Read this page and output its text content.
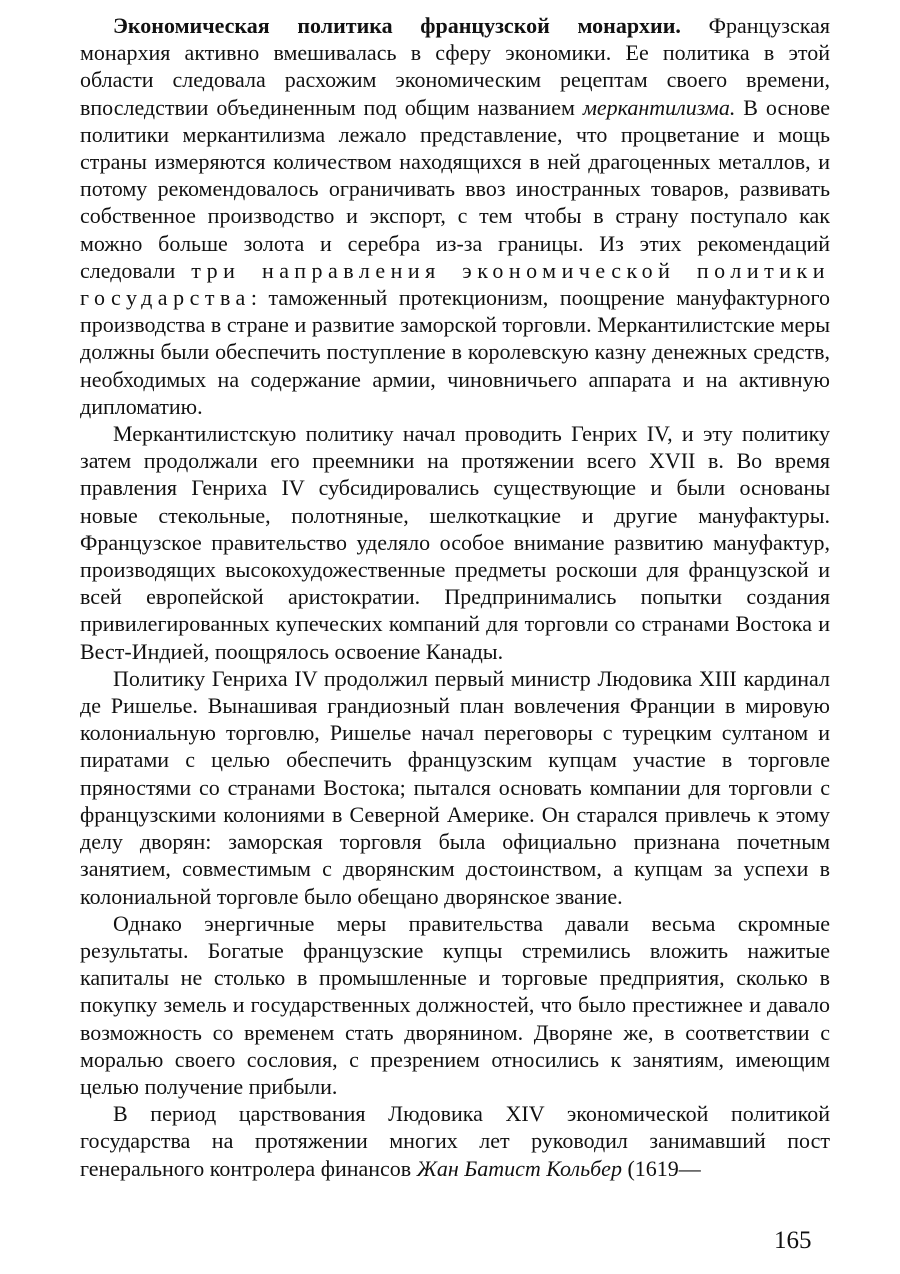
Экономическая политика французской монархии. Французская монархия активно вмешивалась в сферу экономики. Ее политика в этой области следовала расхожим экономическим рецептам своего времени, впоследствии объединенным под общим названием меркантилизма. В основе политики меркантилизма лежало представление, что процветание и мощь страны измеряются количеством находящихся в ней драгоценных металлов, и потому рекомендовалось ограничивать ввоз иностранных товаров, развивать собственное производство и экспорт, с тем чтобы в страну поступало как можно больше золота и серебра из-за границы. Из этих рекомендаций следовали три направления экономической политики государства: таможенный протекционизм, поощрение мануфактурного производства в стране и развитие заморской торговли. Меркантилистские меры должны были обеспечить поступление в королевскую казну денежных средств, необходимых на содержание армии, чиновничьего аппарата и на активную дипломатию.

Меркантилистскую политику начал проводить Генрих IV, и эту политику затем продолжали его преемники на протяжении всего XVII в. Во время правления Генриха IV субсидировались существующие и были основаны новые стекольные, полотняные, шелкоткацкие и другие мануфактуры. Французское правительство уделяло особое внимание развитию мануфактур, производящих высокохудожественные предметы роскоши для французской и всей европейской аристократии. Предпринимались попытки создания привилегированных купеческих компаний для торговли со странами Востока и Вест-Индией, поощрялось освоение Канады.

Политику Генриха IV продолжил первый министр Людовика XIII кардинал де Ришелье. Вынашивая грандиозный план вовлечения Франции в мировую колониальную торговлю, Ришелье начал переговоры с турецким султаном и пиратами с целью обеспечить французским купцам участие в торговле пряностями со странами Востока; пытался основать компании для торговли с французскими колониями в Северной Америке. Он старался привлечь к этому делу дворян: заморская торговля была официально признана почетным занятием, совместимым с дворянским достоинством, а купцам за успехи в колониальной торговле было обещано дворянское звание.

Однако энергичные меры правительства давали весьма скромные результаты. Богатые французские купцы стремились вложить нажитые капиталы не столько в промышленные и торговые предприятия, сколько в покупку земель и государственных должностей, что было престижнее и давало возможность со временем стать дворянином. Дворяне же, в соответствии с моралью своего сословия, с презрением относились к занятиям, имеющим целью получение прибыли.

В период царствования Людовика XIV экономической политикой государства на протяжении многих лет руководил занимавший пост генерального контролера финансов Жан Батист Кольбер (1619—

165
